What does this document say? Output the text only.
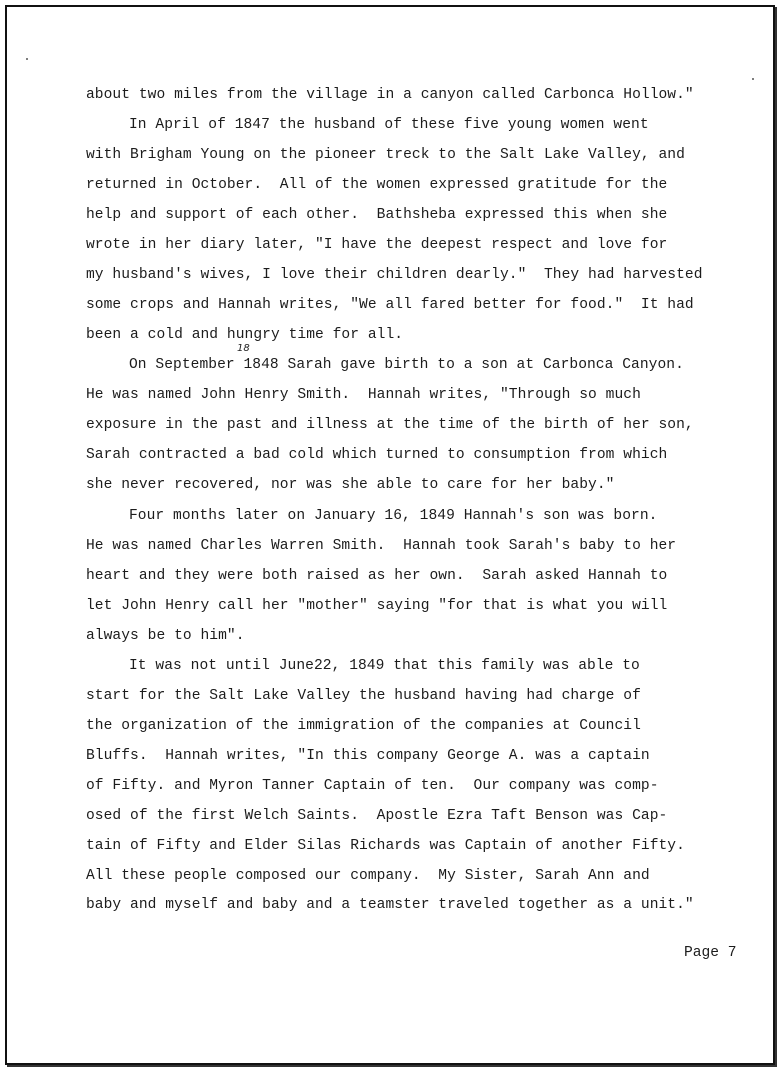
about two miles from the village in a canyon called Carbonca Hollow."
In April of 1847 the husband of these five young women went
with Brigham Young on the pioneer treck to the Salt Lake Valley, and
returned in October.  All of the women expressed gratitude for the
help and support of each other.  Bathsheba expressed this when she
wrote in her diary later, "I have the deepest respect and love for
my husband's wives, I love their children dearly."  They had harvested
some crops and Hannah writes, "We all fared better for food."  It had
been a cold and hungry time for all.
On September 1848 Sarah gave birth to a son at Carbonca Canyon.
18
He was named John Henry Smith.  Hannah writes, "Through so much
exposure in the past and illness at the time of the birth of her son,
Sarah contracted a bad cold which turned to consumption from which
she never recovered, nor was she able to care for her baby."
Four months later on January 16, 1849 Hannah's son was born.
He was named Charles Warren Smith.  Hannah took Sarah's baby to her
heart and they were both raised as her own.  Sarah asked Hannah to
let John Henry call her "mother" saying "for that is what you will
always be to him".
It was not until June22, 1849 that this family was able to
start for the Salt Lake Valley the husband having had charge of
the organization of the immigration of the companies at Council
Bluffs.  Hannah writes, "In this company George A. was a captain
of Fifty. and Myron Tanner Captain of ten.  Our company was comp-
osed of the first Welch Saints.  Apostle Ezra Taft Benson was Cap-
tain of Fifty and Elder Silas Richards was Captain of another Fifty.
All these people composed our company.  My Sister, Sarah Ann and
baby and myself and baby and a teamster traveled together as a unit."
Page 7
